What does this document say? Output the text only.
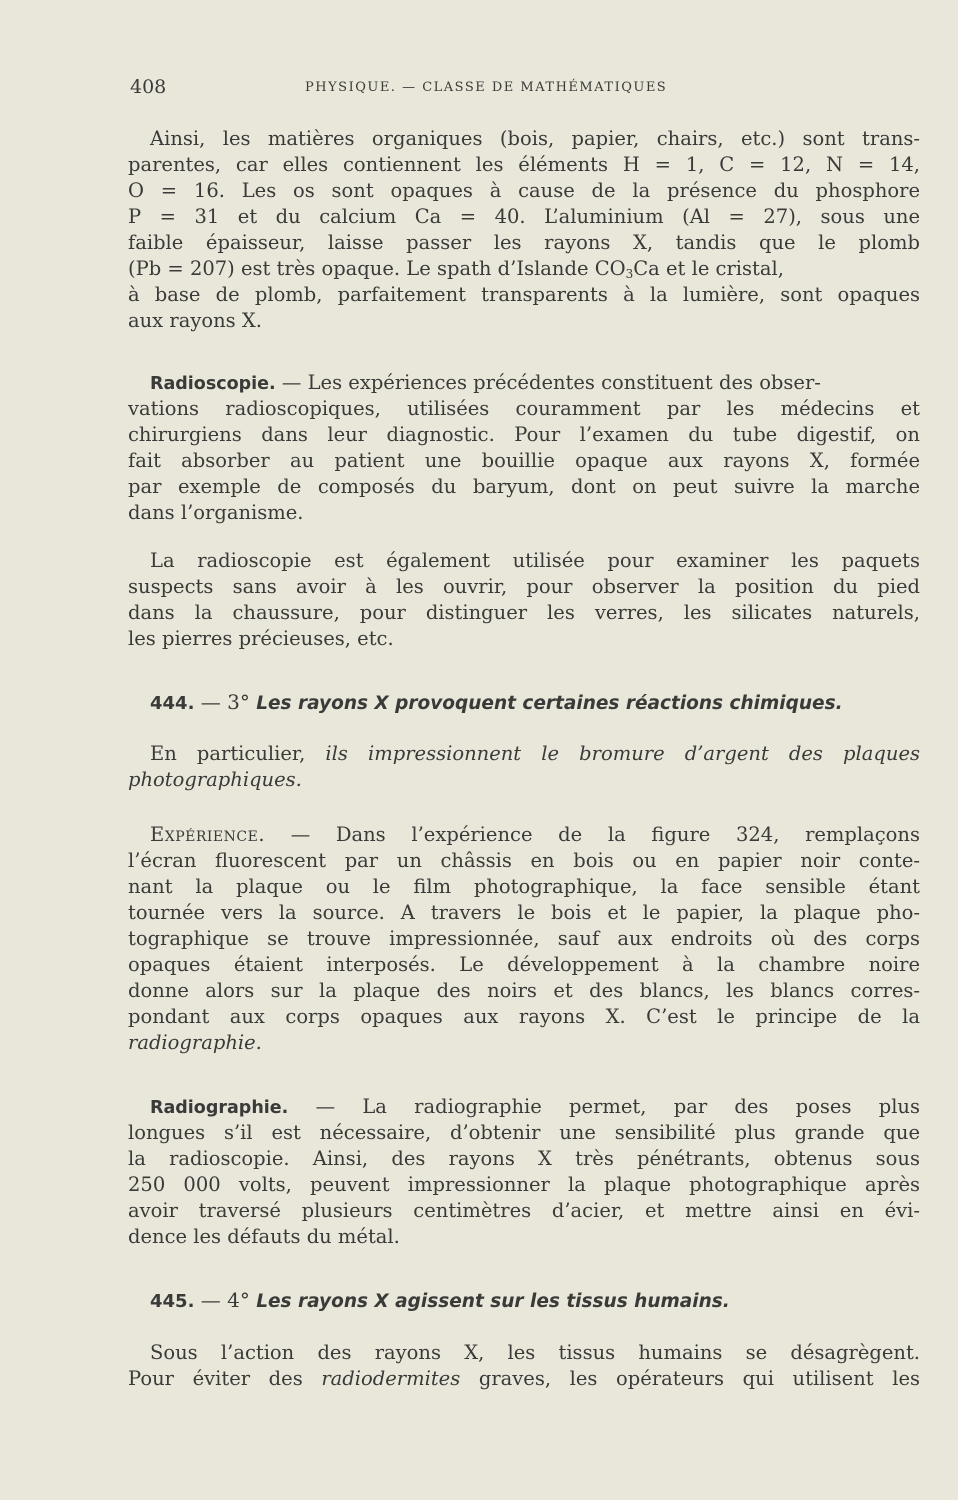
408	PHYSIQUE. — CLASSE DE MATHÉMATIQUES
Ainsi, les matières organiques (bois, papier, chairs, etc.) sont trans-
parentes, car elles contiennent les éléments H = 1, C = 12, N = 14,
O = 16. Les os sont opaques à cause de la présence du phosphore
P = 31 et du calcium Ca = 40. L’aluminium (Al = 27), sous une
faible épaisseur, laisse passer les rayons X, tandis que le plomb
(Pb = 207) est très opaque. Le spath d’Islande $CO_3Ca$ et le cristal,
à base de plomb, parfaitement transparents à la lumière, sont opaques
aux rayons X.
Radioscopie. — Les expériences précédentes constituent des obser-
vations radioscopiques, utilisées couramment par les médecins et
chirurgiens dans leur diagnostic. Pour l’examen du tube digestif, on
fait absorber au patient une bouillie opaque aux rayons X, formée
par exemple de composés du baryum, dont on peut suivre la marche
dans l’organisme.
La radioscopie est également utilisée pour examiner les paquets
suspects sans avoir à les ouvrir, pour observer la position du pied
dans la chaussure, pour distinguer les verres, les silicates naturels,
les pierres précieuses, etc.
444. — 3° Les rayons X provoquent certaines réactions chimiques.
En particulier, ils impressionnent le bromure d’argent des plaques
photographiques.
Expérience. — Dans l’expérience de la figure 324, remplaçons
l’écran fluorescent par un châssis en bois ou en papier noir conte-
nant la plaque ou le film photographique, la face sensible étant
tournée vers la source. A travers le bois et le papier, la plaque pho-
tographique se trouve impressionnée, sauf aux endroits où des corps
opaques étaient interposés. Le développement à la chambre noire
donne alors sur la plaque des noirs et des blancs, les blancs corres-
pondant aux corps opaques aux rayons X. C’est le principe de la
radiographie.
Radiographie. — La radiographie permet, par des poses plus
longues s’il est nécessaire, d’obtenir une sensibilité plus grande que
la radioscopie. Ainsi, des rayons X très pénétrants, obtenus sous
250 000 volts, peuvent impressionner la plaque photographique après
avoir traversé plusieurs centimètres d’acier, et mettre ainsi en évi-
dence les défauts du métal.
445. — 4° Les rayons X agissent sur les tissus humains.
Sous l’action des rayons X, les tissus humains se désagrègent.
Pour éviter des radiodermites graves, les opérateurs qui utilisent les
